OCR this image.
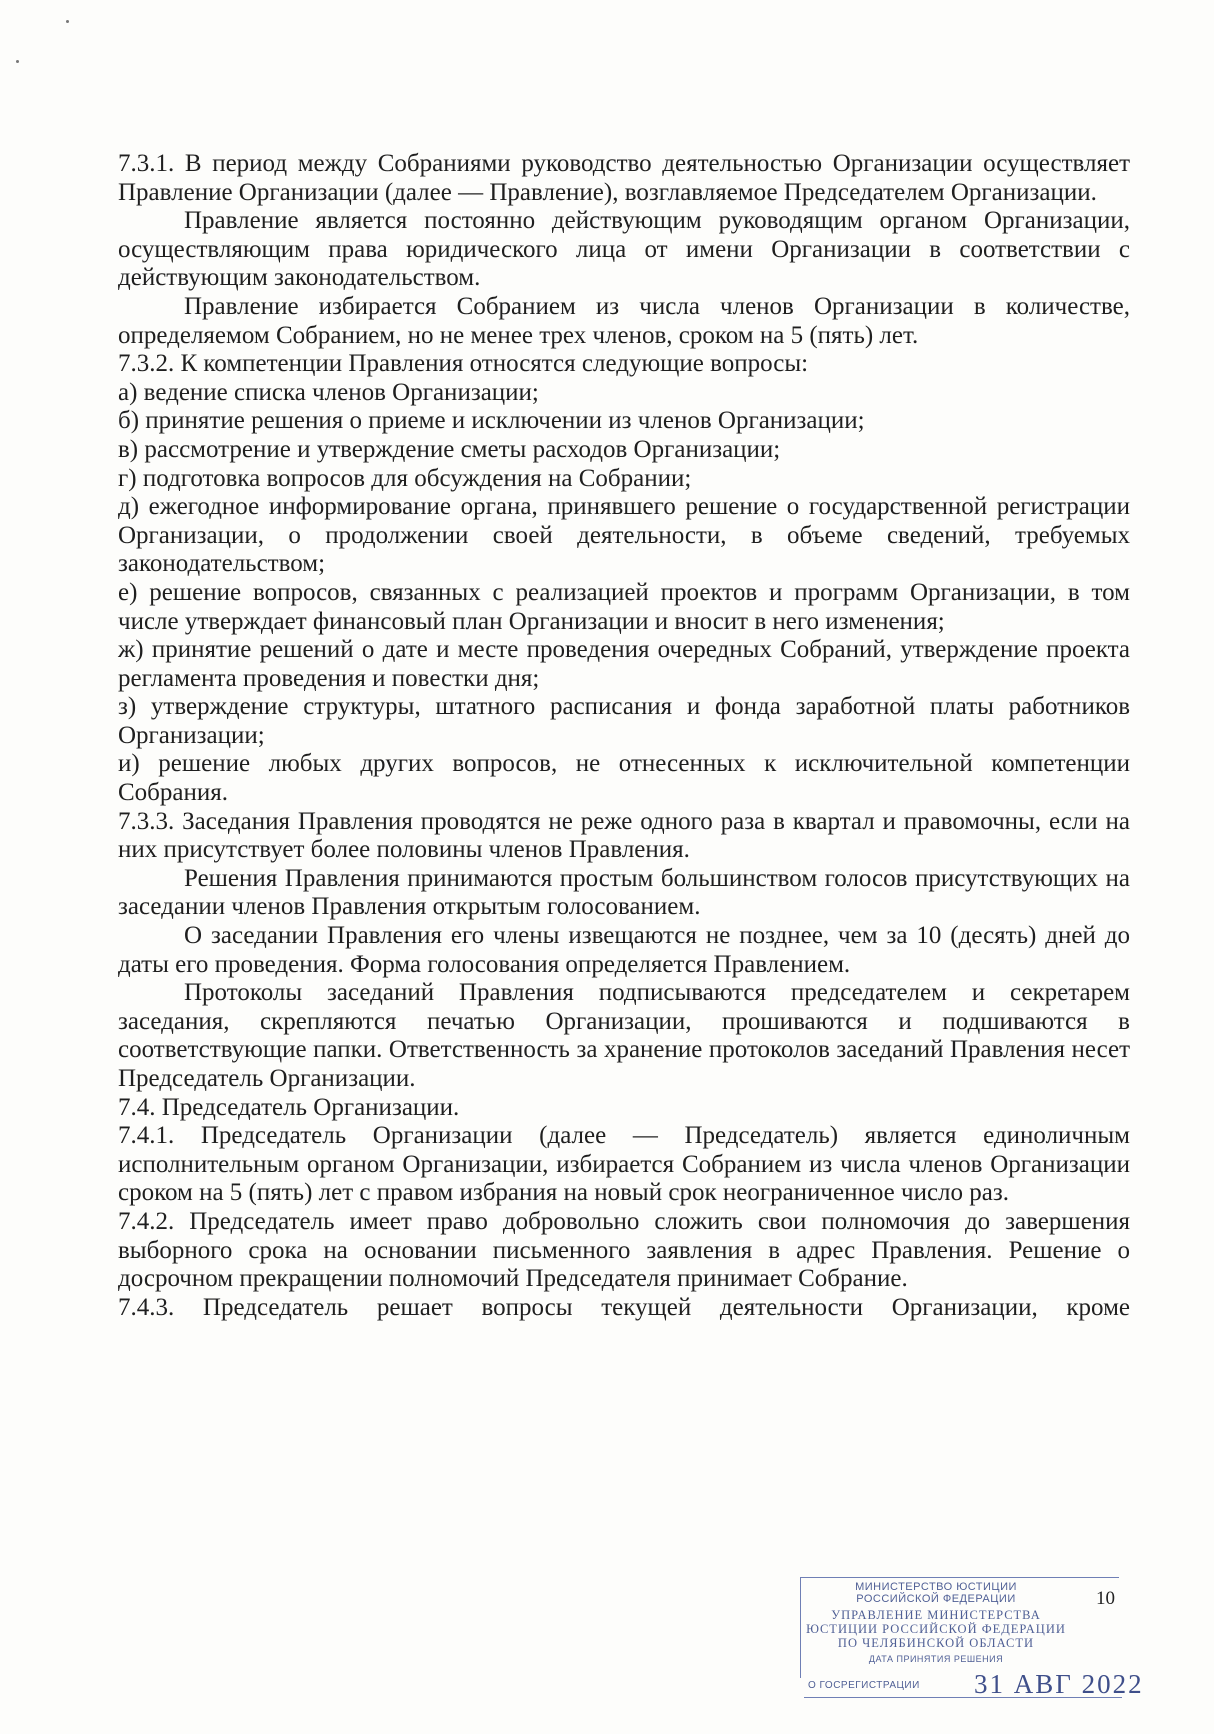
7.3.1. В период между Собраниями руководство деятельностью Организации осуществляет Правление Организации (далее — Правление), возглавляемое Председателем Организации.

Правление является постоянно действующим руководящим органом Организации, осуществляющим права юридического лица от имени Организации в соответствии с действующим законодательством.

Правление избирается Собранием из числа членов Организации в количестве, определяемом Собранием, но не менее трех членов, сроком на 5 (пять) лет.

7.3.2. К компетенции Правления относятся следующие вопросы:

а) ведение списка членов Организации;

б) принятие решения о приеме и исключении из членов Организации;

в) рассмотрение и утверждение сметы расходов Организации;

г) подготовка вопросов для обсуждения на Собрании;

д) ежегодное информирование органа, принявшего решение о государственной регистрации Организации, о продолжении своей деятельности, в объеме сведений, требуемых законодательством;

е) решение вопросов, связанных с реализацией проектов и программ Организации, в том числе утверждает финансовый план Организации и вносит в него изменения;

ж) принятие решений о дате и месте проведения очередных Собраний, утверждение проекта регламента проведения и повестки дня;

з) утверждение структуры, штатного расписания и фонда заработной платы работников Организации;

и) решение любых других вопросов, не отнесенных к исключительной компетенции Собрания.

7.3.3. Заседания Правления проводятся не реже одного раза в квартал и правомочны, если на них присутствует более половины членов Правления.

Решения Правления принимаются простым большинством голосов присутствующих на заседании членов Правления открытым голосованием.

О заседании Правления его члены извещаются не позднее, чем за 10 (десять) дней до даты его проведения. Форма голосования определяется Правлением.

Протоколы заседаний Правления подписываются председателем и секретарем заседания, скрепляются печатью Организации, прошиваются и подшиваются в соответствующие папки. Ответственность за хранение протоколов заседаний Правления несет Председатель Организации.

7.4. Председатель Организации.

7.4.1. Председатель Организации (далее — Председатель) является единоличным исполнительным органом Организации, избирается Собранием из числа членов Организации сроком на 5 (пять) лет с правом избрания на новый срок неограниченное число раз.

7.4.2. Председатель имеет право добровольно сложить свои полномочия до завершения выборного срока на основании письменного заявления в адрес Правления. Решение о досрочном прекращении полномочий Председателя принимает Собрание.

7.4.3. Председатель решает вопросы текущей деятельности Организации, кроме

МИНИСТЕРСТВО ЮСТИЦИИ
РОССИЙСКОЙ ФЕДЕРАЦИИ
УПРАВЛЕНИЕ МИНИСТЕРСТВА
ЮСТИЦИИ РОССИЙСКОЙ ФЕДЕРАЦИИ
ПО ЧЕЛЯБИНСКОЙ ОБЛАСТИ
ДАТА ПРИНЯТИЯ РЕШЕНИЯ
О ГОСРЕГИСТРАЦИИ 31 АВГ 2022
10
